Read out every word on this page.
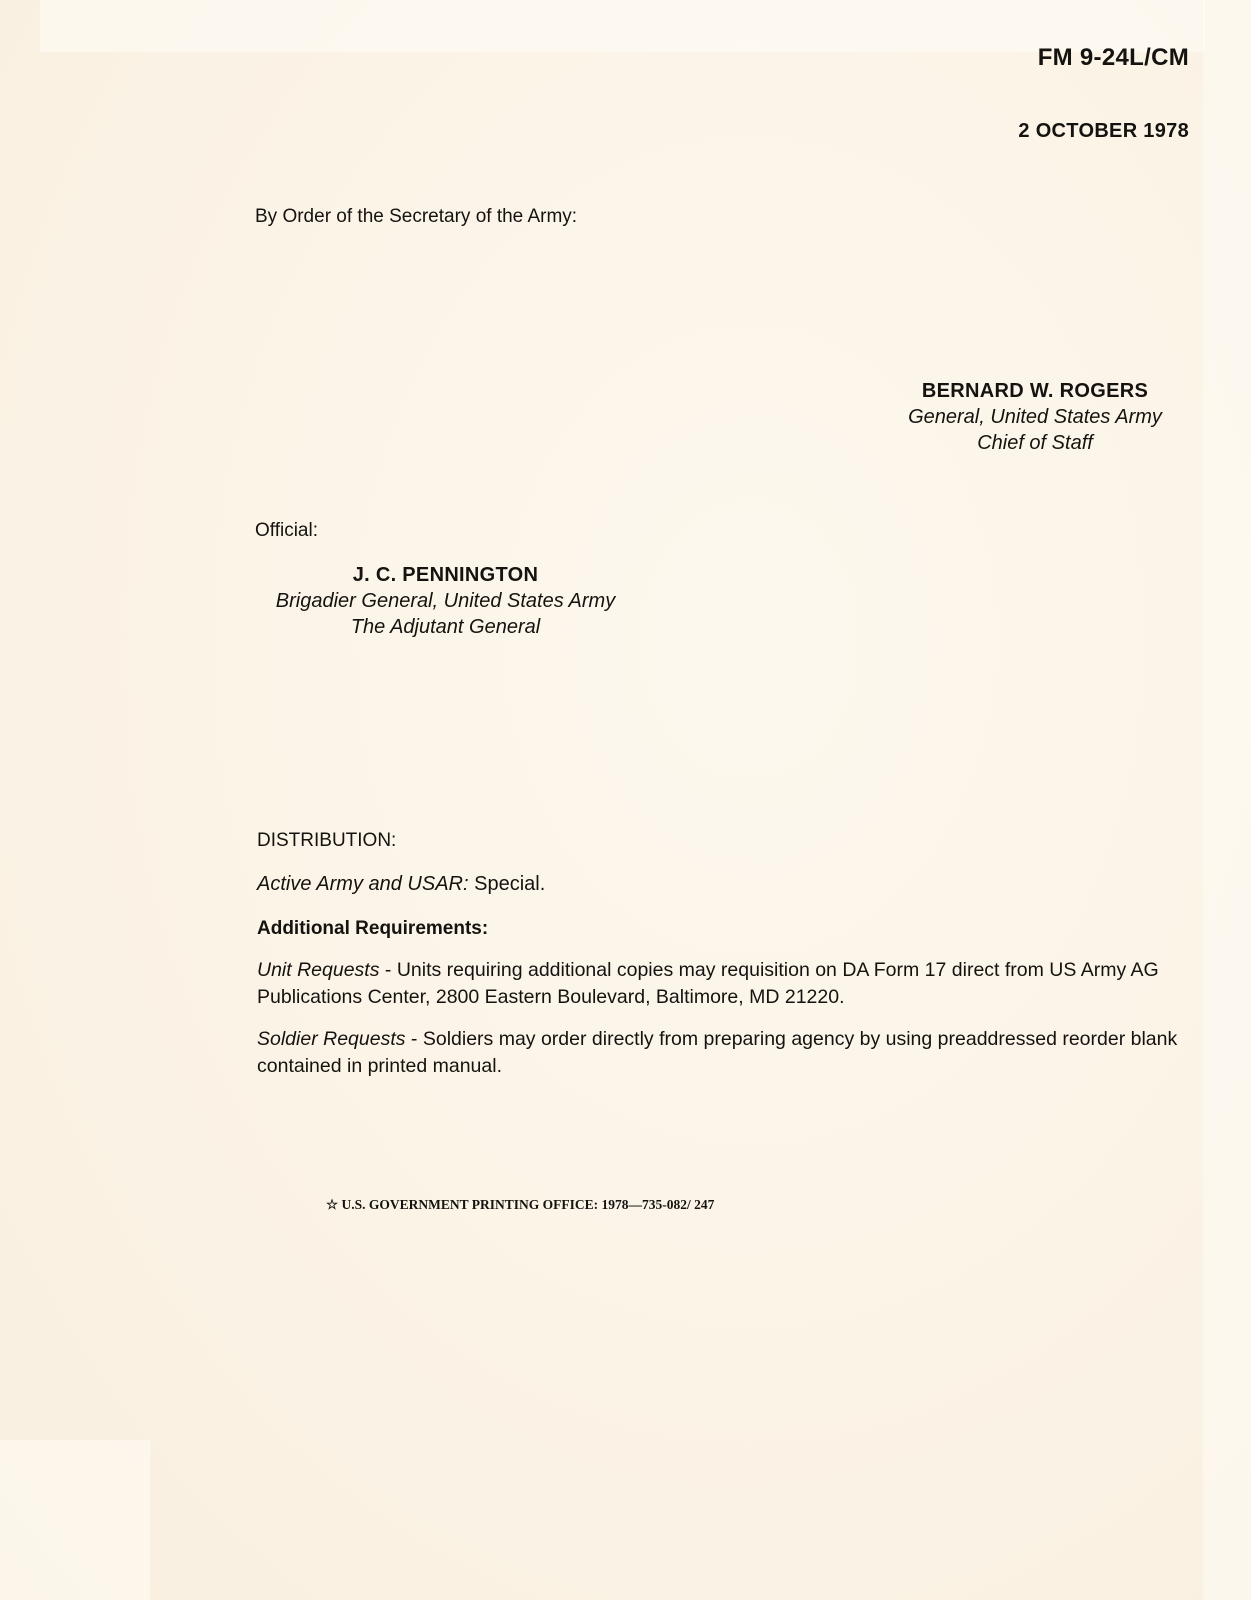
FM 9-24L/CM
2 OCTOBER 1978
By Order of the Secretary of the Army:
BERNARD W. ROGERS
General, United States Army
Chief of Staff
Official:
J. C. PENNINGTON
Brigadier General, United States Army
The Adjutant General
DISTRIBUTION:
Active Army and USAR: Special.
Additional Requirements:
Unit Requests - Units requiring additional copies may requisition on DA Form 17 direct from US Army AG Publications Center, 2800 Eastern Boulevard, Baltimore, MD 21220.
Soldier Requests - Soldiers may order directly from preparing agency by using preaddressed reorder blank contained in printed manual.
☆ U.S. GOVERNMENT PRINTING OFFICE: 1978—735-082/ 247
